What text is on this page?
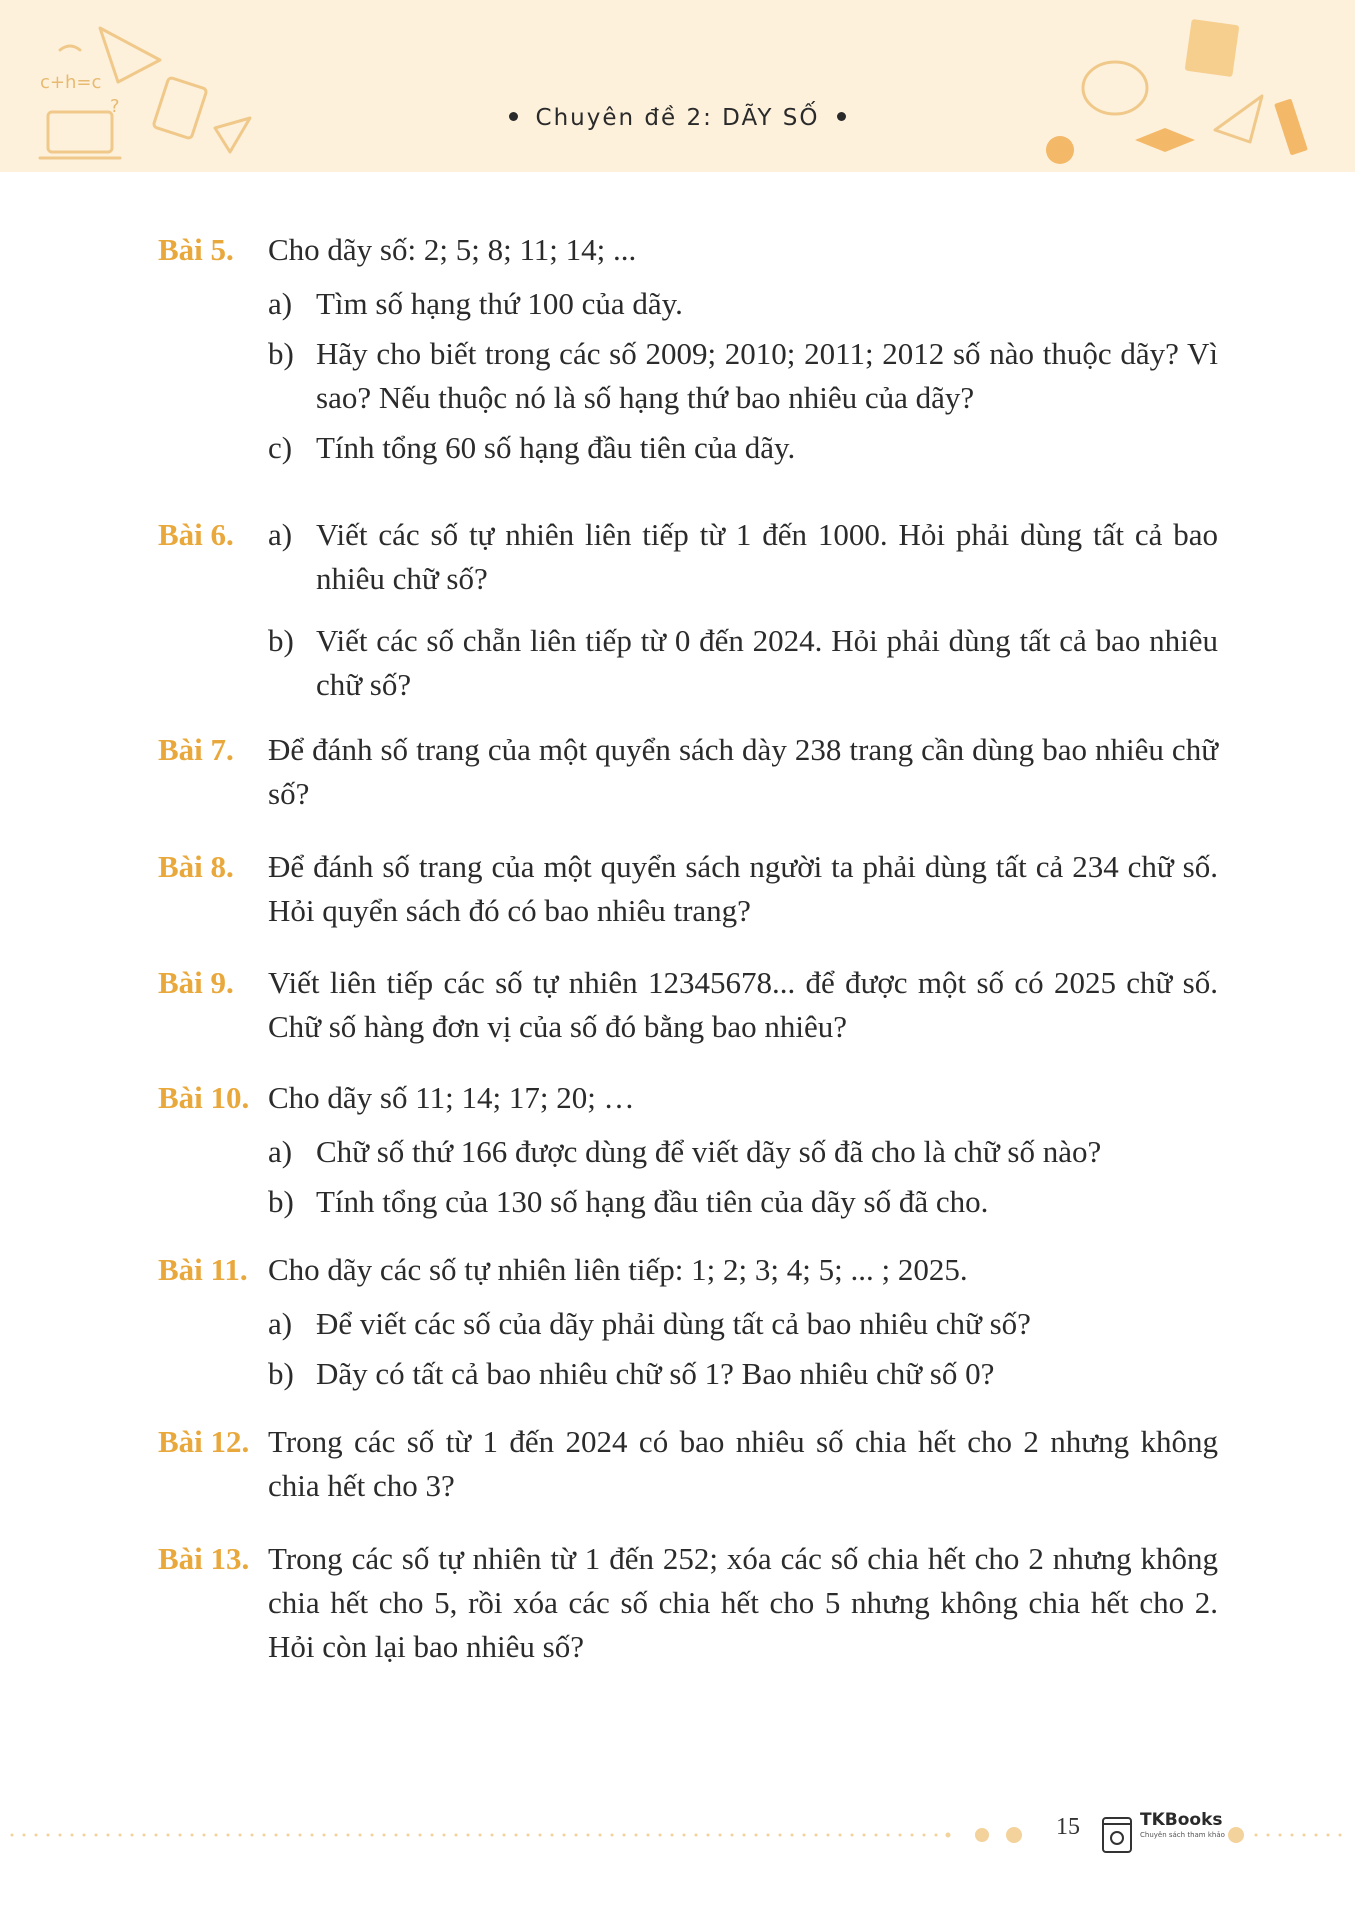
c+h=c
?	Chuyên đề 2: DÃY SỐ
Bài 5. Cho dãy số: 2; 5; 8; 11; 14; ...
a) Tìm số hạng thứ 100 của dãy.
b) Hãy cho biết trong các số 2009; 2010; 2011; 2012 số nào thuộc dãy? Vì sao? Nếu thuộc nó là số hạng thứ bao nhiêu của dãy?
c) Tính tổng 60 số hạng đầu tiên của dãy.
Bài 6. a) Viết các số tự nhiên liên tiếp từ 1 đến 1000. Hỏi phải dùng tất cả bao nhiêu chữ số?
b) Viết các số chẵn liên tiếp từ 0 đến 2024. Hỏi phải dùng tất cả bao nhiêu chữ số?
Bài 7. Để đánh số trang của một quyển sách dày 238 trang cần dùng bao nhiêu chữ số?
Bài 8. Để đánh số trang của một quyển sách người ta phải dùng tất cả 234 chữ số. Hỏi quyển sách đó có bao nhiêu trang?
Bài 9. Viết liên tiếp các số tự nhiên 12345678... để được một số có 2025 chữ số. Chữ số hàng đơn vị của số đó bằng bao nhiêu?
Bài 10. Cho dãy số 11; 14; 17; 20; …
a) Chữ số thứ 166 được dùng để viết dãy số đã cho là chữ số nào?
b) Tính tổng của 130 số hạng đầu tiên của dãy số đã cho.
Bài 11. Cho dãy các số tự nhiên liên tiếp: 1; 2; 3; 4; 5; ... ; 2025.
a) Để viết các số của dãy phải dùng tất cả bao nhiêu chữ số?
b) Dãy có tất cả bao nhiêu chữ số 1? Bao nhiêu chữ số 0?
Bài 12. Trong các số từ 1 đến 2024 có bao nhiêu số chia hết cho 2 nhưng không chia hết cho 3?
Bài 13. Trong các số tự nhiên từ 1 đến 252; xóa các số chia hết cho 2 nhưng không chia hết cho 5, rồi xóa các số chia hết cho 5 nhưng không chia hết cho 2. Hỏi còn lại bao nhiêu số?
15	TKBooks
Chuyên sách tham khảo
